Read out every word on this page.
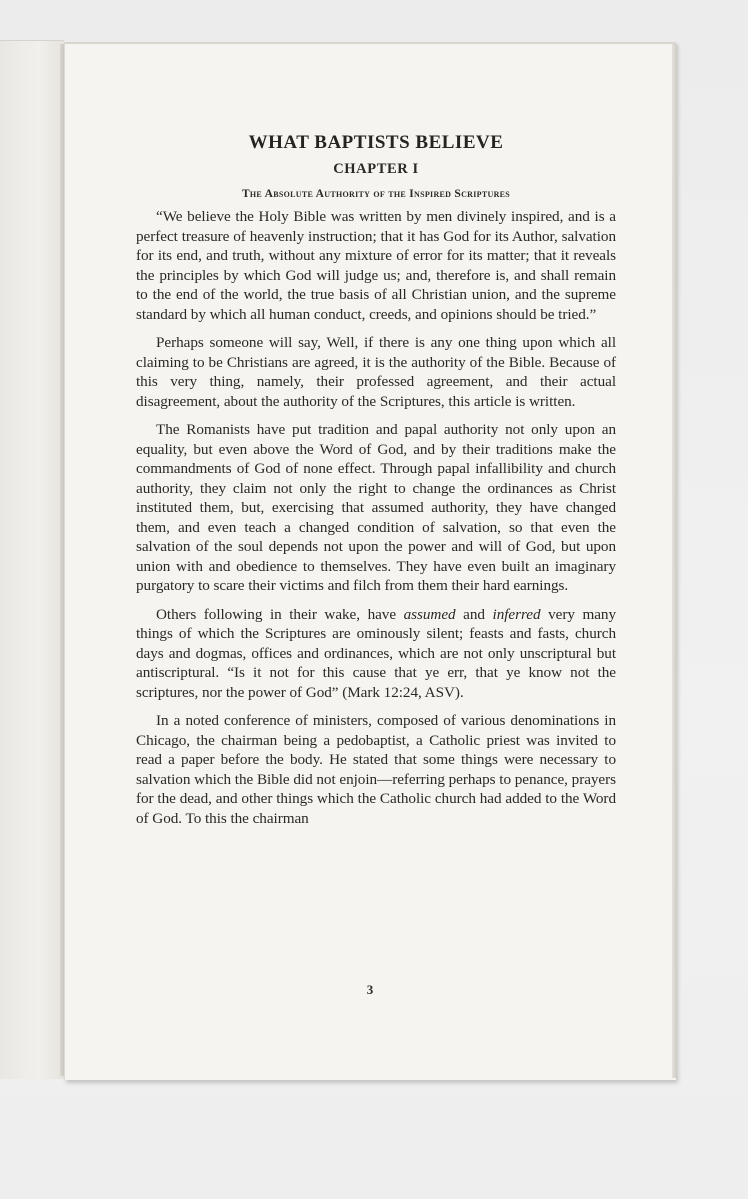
WHAT BAPTISTS BELIEVE
CHAPTER I
The Absolute Authority of the Inspired Scriptures

“We believe the Holy Bible was written by men divinely inspired, and is a perfect treasure of heavenly instruction; that it has God for its Author, salvation for its end, and truth, without any mixture of error for its matter; that it reveals the principles by which God will judge us; and, therefore is, and shall remain to the end of the world, the true basis of all Christian union, and the supreme standard by which all human conduct, creeds, and opinions should be tried.”

Perhaps someone will say, Well, if there is any one thing upon which all claiming to be Christians are agreed, it is the authority of the Bible. Because of this very thing, namely, their professed agreement, and their actual disagreement, about the authority of the Scriptures, this article is written.

The Romanists have put tradition and papal authority not only upon an equality, but even above the Word of God, and by their traditions make the commandments of God of none effect. Through papal infallibility and church authority, they claim not only the right to change the ordinances as Christ instituted them, but, exercising that assumed authority, they have changed them, and even teach a changed condition of salvation, so that even the salvation of the soul depends not upon the power and will of God, but upon union with and obedience to themselves. They have even built an imaginary purgatory to scare their victims and filch from them their hard earnings.

Others following in their wake, have assumed and inferred very many things of which the Scriptures are ominously silent; feasts and fasts, church days and dogmas, offices and ordinances, which are not only unscriptural but antiscriptural. “Is it not for this cause that ye err, that ye know not the scriptures, nor the power of God” (Mark 12:24, ASV).

In a noted conference of ministers, composed of various denominations in Chicago, the chairman being a pedobaptist, a Catholic priest was invited to read a paper before the body. He stated that some things were necessary to salvation which the Bible did not enjoin—referring perhaps to penance, prayers for the dead, and other things which the Catholic church had added to the Word of God. To this the chairman

3
